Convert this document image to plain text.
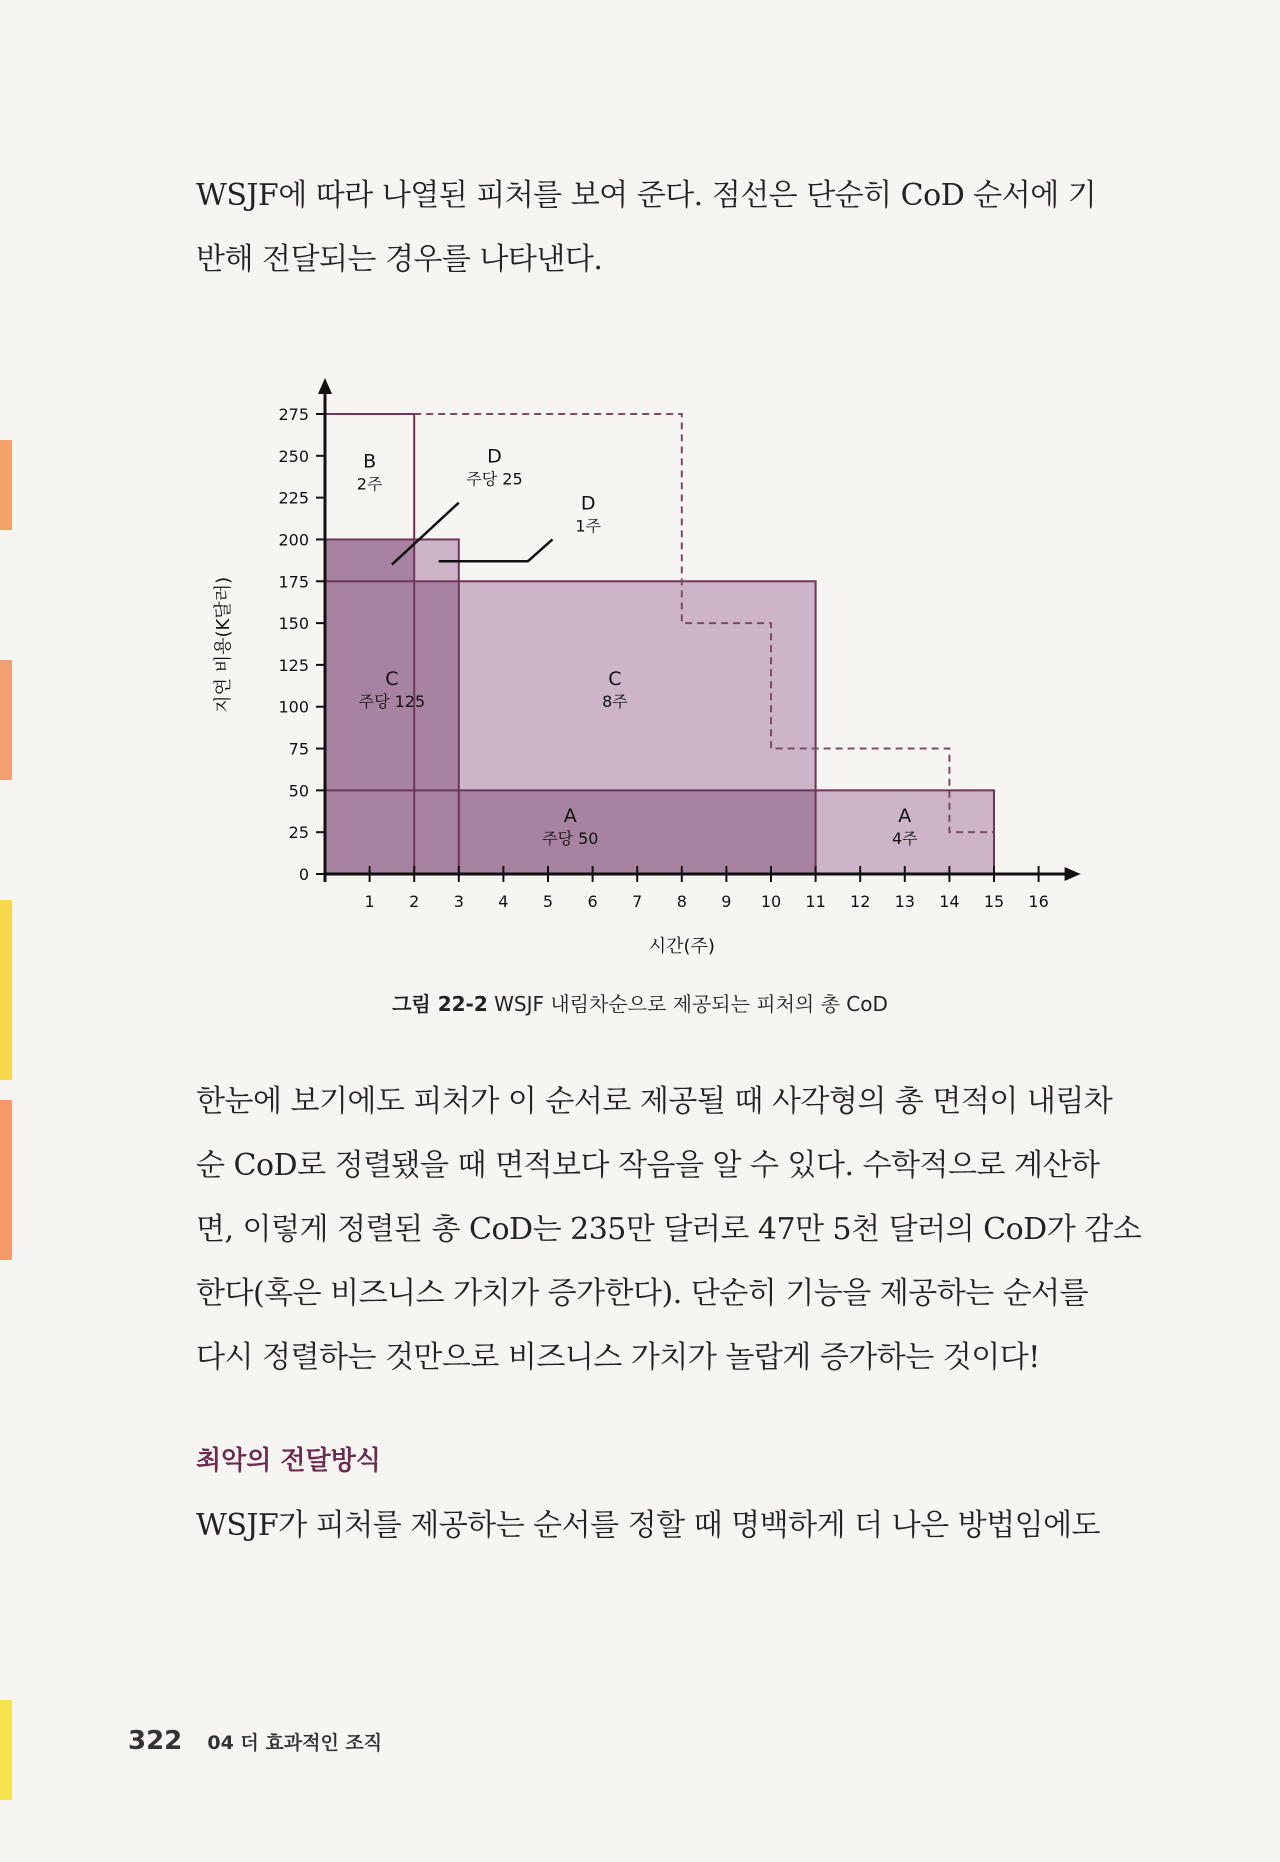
WSJF에 따라 나열된 피처를 보여 준다. 점선은 단순히 CoD 순서에 기
반해 전달되는 경우를 나타낸다.

1 2 3 4 5 6 7 8 9 10 11 12 13 14 15 16
0
25
50
75
100
125
150
175
200
225
250
275
시간(주)
지연 비용(K달러)
B
2주
D
주당 25
D
1주
C
주당 125
C
8주
A
주당 50
A
4주
그림 22-2 WSJF 내림차순으로 제공되는 피처의 총 CoD

한눈에 보기에도 피처가 이 순서로 제공될 때 사각형의 총 면적이 내림차
순 CoD로 정렬됐을 때 면적보다 작음을 알 수 있다. 수학적으로 계산하
면, 이렇게 정렬된 총 CoD는 235만 달러로 47만 5천 달러의 CoD가 감소
한다(혹은 비즈니스 가치가 증가한다). 단순히 기능을 제공하는 순서를
다시 정렬하는 것만으로 비즈니스 가치가 놀랍게 증가하는 것이다!

최악의 전달방식

WSJF가 피처를 제공하는 순서를 정할 때 명백하게 더 나은 방법임에도

322 04 더 효과적인 조직
